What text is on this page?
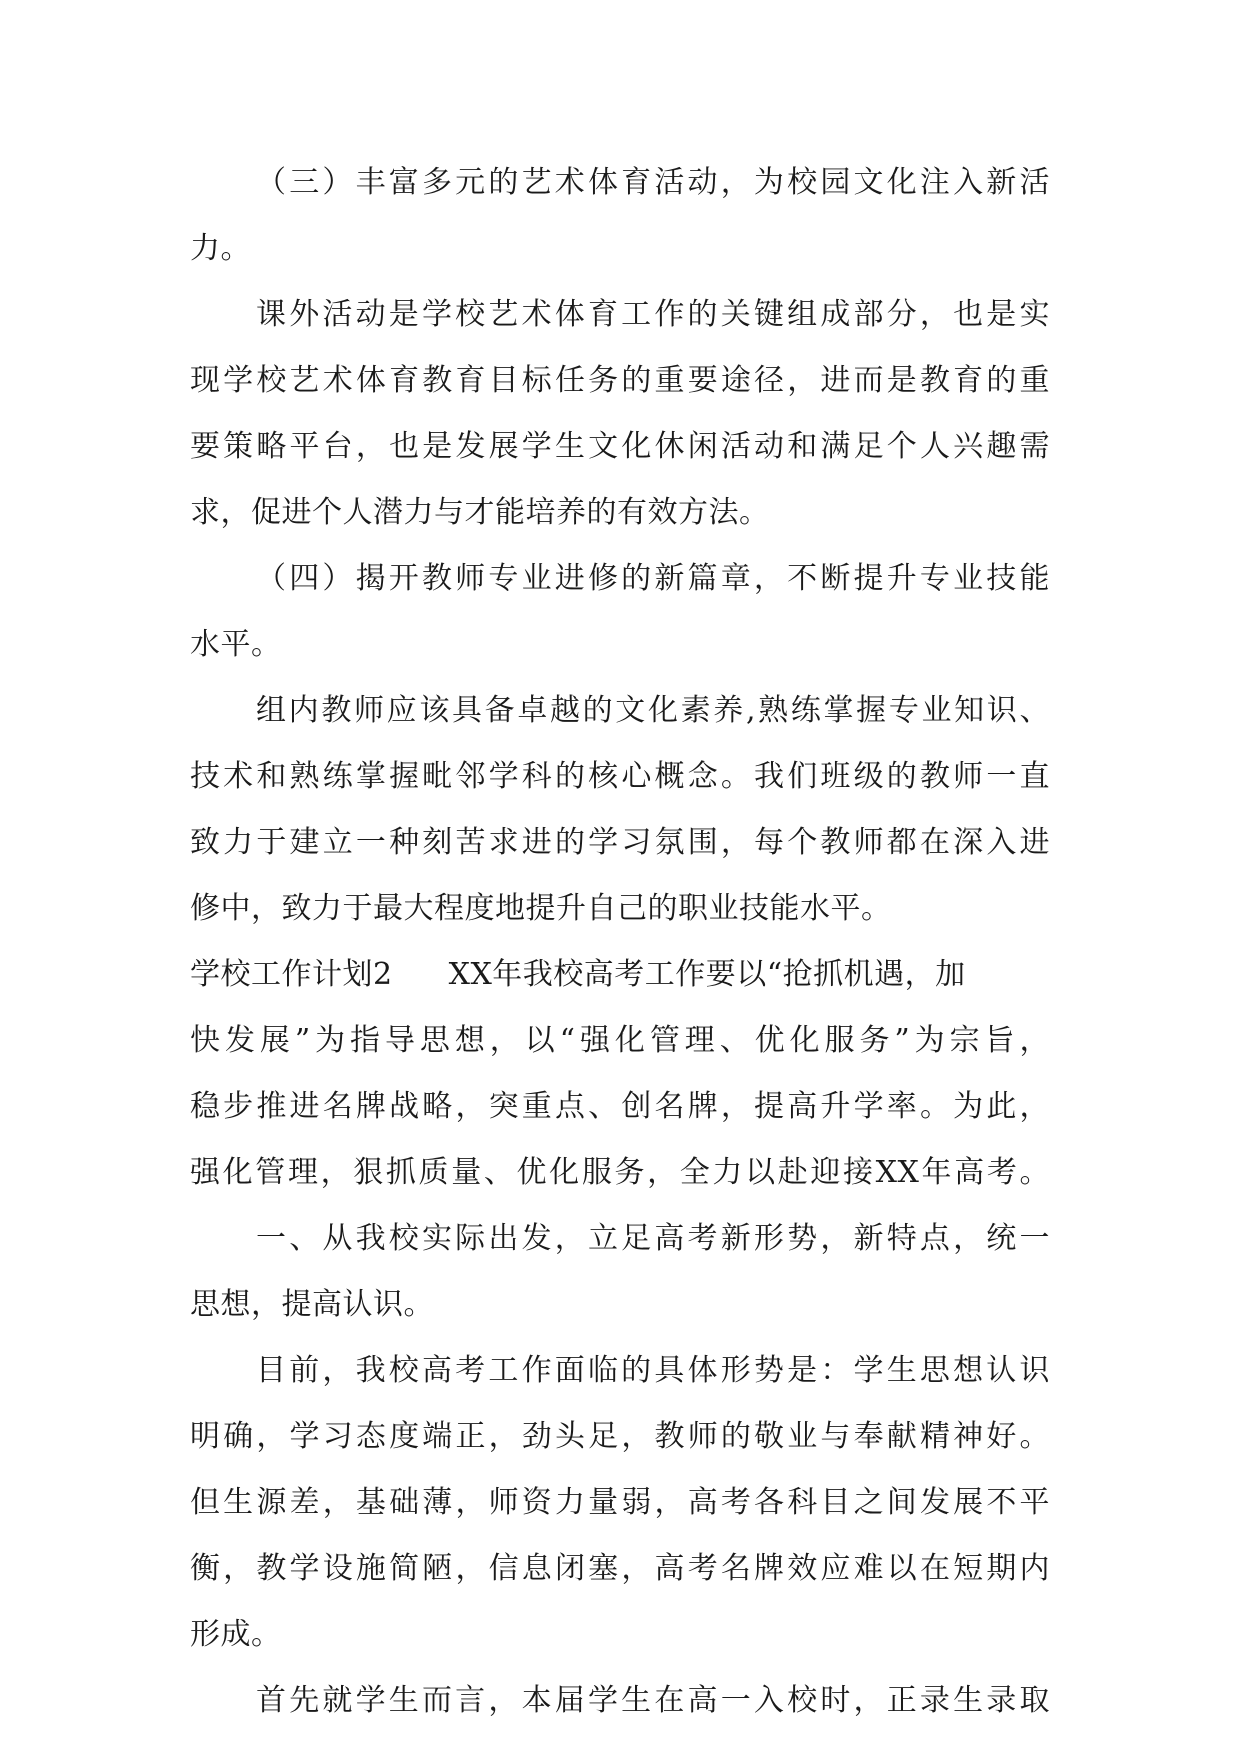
（三）丰富多元的艺术体育活动，为校园文化注入新活
力。
课外活动是学校艺术体育工作的关键组成部分，也是实
现学校艺术体育教育目标任务的重要途径，进而是教育的重
要策略平台，也是发展学生文化休闲活动和满足个人兴趣需
求，促进个人潜力与才能培养的有效方法。
（四）揭开教师专业进修的新篇章，不断提升专业技能
水平。
组内教师应该具备卓越的文化素养,熟练掌握专业知识、
技术和熟练掌握毗邻学科的核心概念。我们班级的教师一直
致力于建立一种刻苦求进的学习氛围，每个教师都在深入进
修中，致力于最大程度地提升自己的职业技能水平。
学校工作计划2 XX年我校高考工作要以“抢抓机遇，加
快发展”为指导思想，以“强化管理、优化服务”为宗旨，
稳步推进名牌战略，突重点、创名牌，提高升学率。为此，
强化管理，狠抓质量、优化服务，全力以赴迎接XX年高考。
一、从我校实际出发，立足高考新形势，新特点，统一
思想，提高认识。
目前，我校高考工作面临的具体形势是：学生思想认识
明确，学习态度端正，劲头足，教师的敬业与奉献精神好。
但生源差，基础薄，师资力量弱，高考各科目之间发展不平
衡，教学设施简陋，信息闭塞，高考名牌效应难以在短期内
形成。
首先就学生而言，本届学生在高一入校时，正录生录取
